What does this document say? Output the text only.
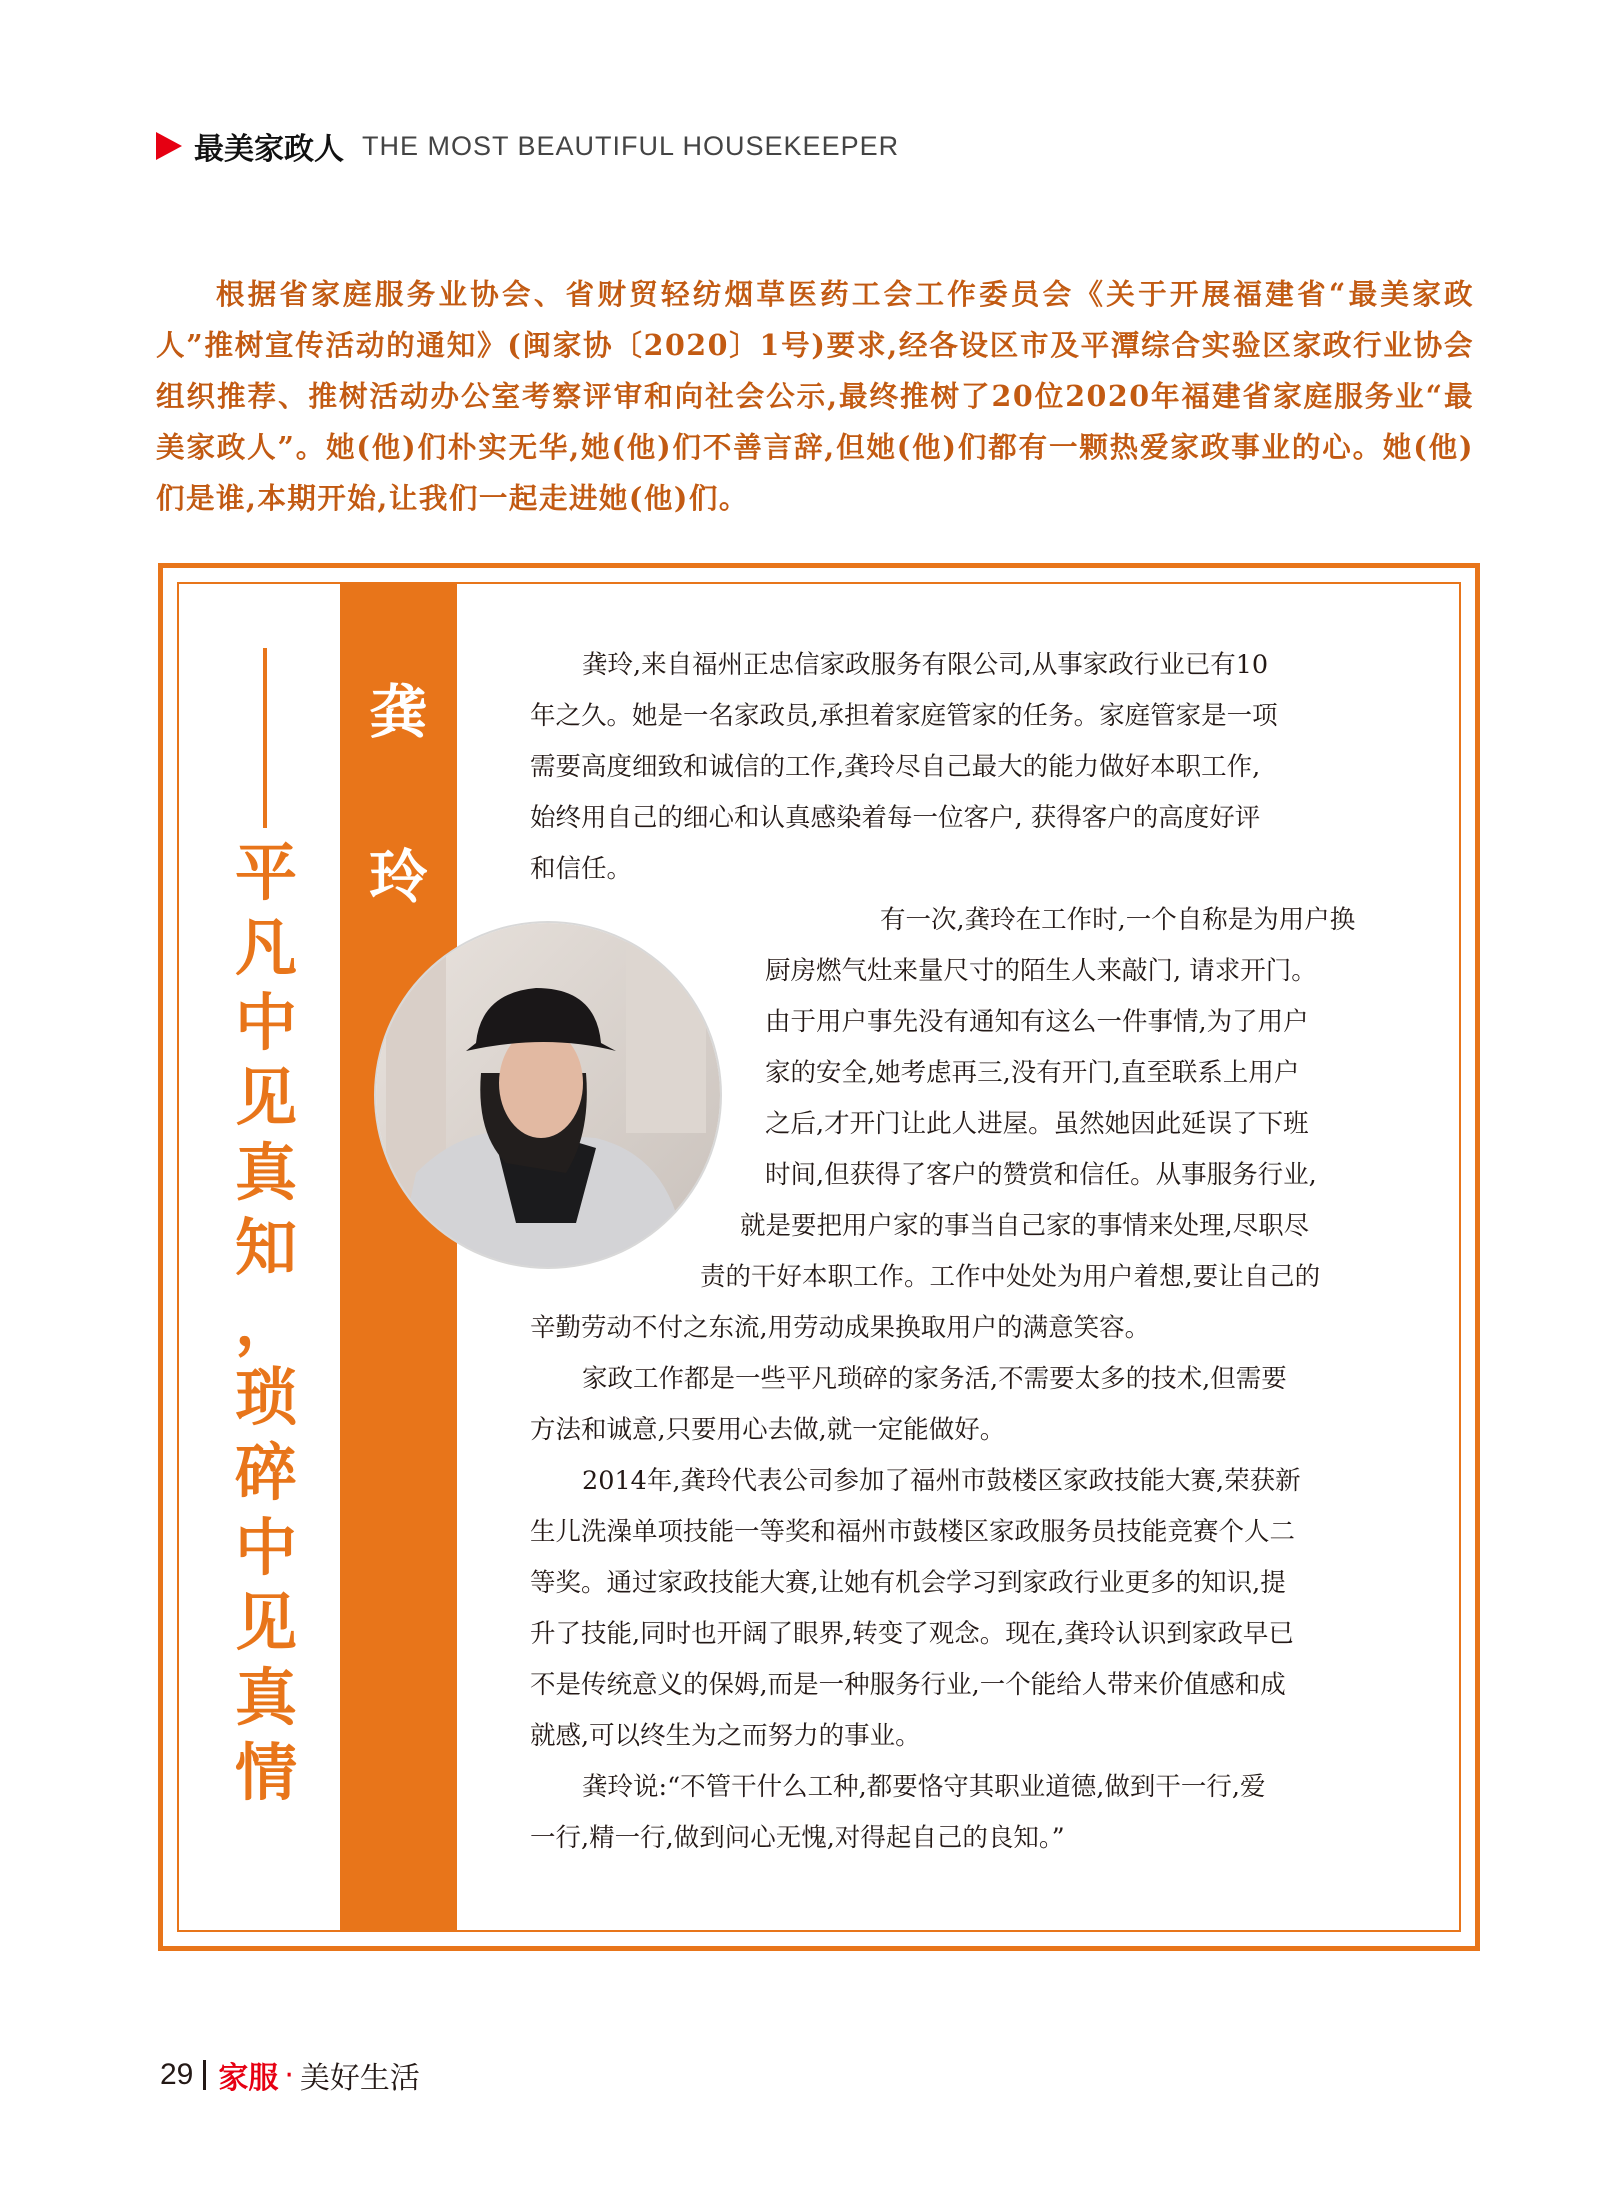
最美家政人 THE MOST BEAUTIFUL HOUSEKEEPER

根据省家庭服务业协会、省财贸轻纺烟草医药工会工作委员会《关于开展福建省“最美家政人”推树宣传活动的通知》(闽家协〔2020〕1号)要求,经各设区市及平潭综合实验区家政行业协会组织推荐、推树活动办公室考察评审和向社会公示,最终推树了20位2020年福建省家庭服务业“最美家政人”。她(他)们朴实无华,她(他)们不善言辞,但她(他)们都有一颗热爱家政事业的心。她(他)们是谁,本期开始,让我们一起走进她(他)们。

龚
玲
平
凡
中
见
真
知
，
琐
碎
中
见
真
情
龚玲,来自福州正忠信家政服务有限公司,从事家政行业已有10
年之久。她是一名家政员,承担着家庭管家的任务。家庭管家是一项
需要高度细致和诚信的工作,龚玲尽自己最大的能力做好本职工作,
始终用自己的细心和认真感染着每一位客户, 获得客户的高度好评
和信任。
有一次,龚玲在工作时,一个自称是为用户换
厨房燃气灶来量尺寸的陌生人来敲门, 请求开门。
由于用户事先没有通知有这么一件事情,为了用户
家的安全,她考虑再三,没有开门,直至联系上用户
之后,才开门让此人进屋。虽然她因此延误了下班
时间,但获得了客户的赞赏和信任。从事服务行业,
就是要把用户家的事当自己家的事情来处理,尽职尽
责的干好本职工作。工作中处处为用户着想,要让自己的
辛勤劳动不付之东流,用劳动成果换取用户的满意笑容。
家政工作都是一些平凡琐碎的家务活,不需要太多的技术,但需要
方法和诚意,只要用心去做,就一定能做好。
2014年,龚玲代表公司参加了福州市鼓楼区家政技能大赛,荣获新
生儿洗澡单项技能一等奖和福州市鼓楼区家政服务员技能竞赛个人二
等奖。通过家政技能大赛,让她有机会学习到家政行业更多的知识,提
升了技能,同时也开阔了眼界,转变了观念。现在,龚玲认识到家政早已
不是传统意义的保姆,而是一种服务行业,一个能给人带来价值感和成
就感,可以终生为之而努力的事业。
龚玲说:“不管干什么工种,都要恪守其职业道德,做到干一行,爱
一行,精一行,做到问心无愧,对得起自己的良知。”
29 家服 · 美好生活
